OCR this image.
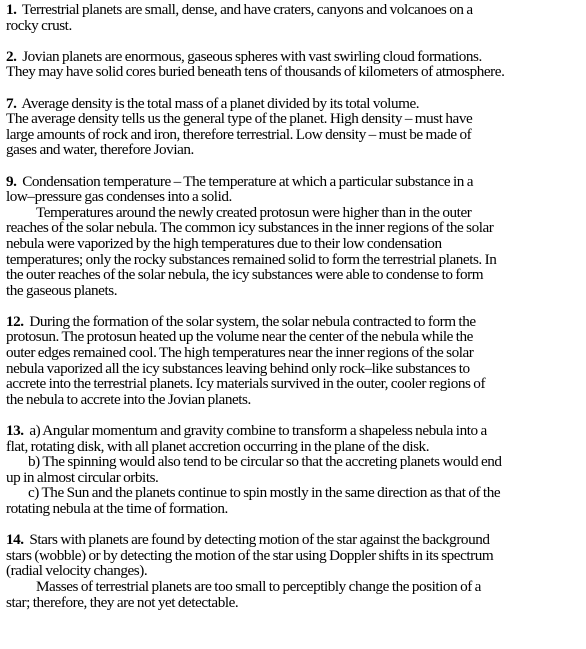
1. Terrestrial planets are small, dense, and have craters, canyons and volcanoes on a
rocky crust.
2. Jovian planets are enormous, gaseous spheres with vast swirling cloud formations.
They may have solid cores buried beneath tens of thousands of kilometers of atmosphere.
7. Average density is the total mass of a planet divided by its total volume.
The average density tells us the general type of the planet. High density – must have
large amounts of rock and iron, therefore terrestrial. Low density – must be made of
gases and water, therefore Jovian.
9. Condensation temperature – The temperature at which a particular substance in a
low–pressure gas condenses into a solid.
Temperatures around the newly created protosun were higher than in the outer
reaches of the solar nebula. The common icy substances in the inner regions of the solar
nebula were vaporized by the high temperatures due to their low condensation
temperatures; only the rocky substances remained solid to form the terrestrial planets. In
the outer reaches of the solar nebula, the icy substances were able to condense to form
the gaseous planets.
12. During the formation of the solar system, the solar nebula contracted to form the
protosun. The protosun heated up the volume near the center of the nebula while the
outer edges remained cool. The high temperatures near the inner regions of the solar
nebula vaporized all the icy substances leaving behind only rock–like substances to
accrete into the terrestrial planets. Icy materials survived in the outer, cooler regions of
the nebula to accrete into the Jovian planets.
13. a) Angular momentum and gravity combine to transform a shapeless nebula into a
flat, rotating disk, with all planet accretion occurring in the plane of the disk.
b) The spinning would also tend to be circular so that the accreting planets would end
up in almost circular orbits.
c) The Sun and the planets continue to spin mostly in the same direction as that of the
rotating nebula at the time of formation.
14. Stars with planets are found by detecting motion of the star against the background
stars (wobble) or by detecting the motion of the star using Doppler shifts in its spectrum
(radial velocity changes).
Masses of terrestrial planets are too small to perceptibly change the position of a
star; therefore, they are not yet detectable.
